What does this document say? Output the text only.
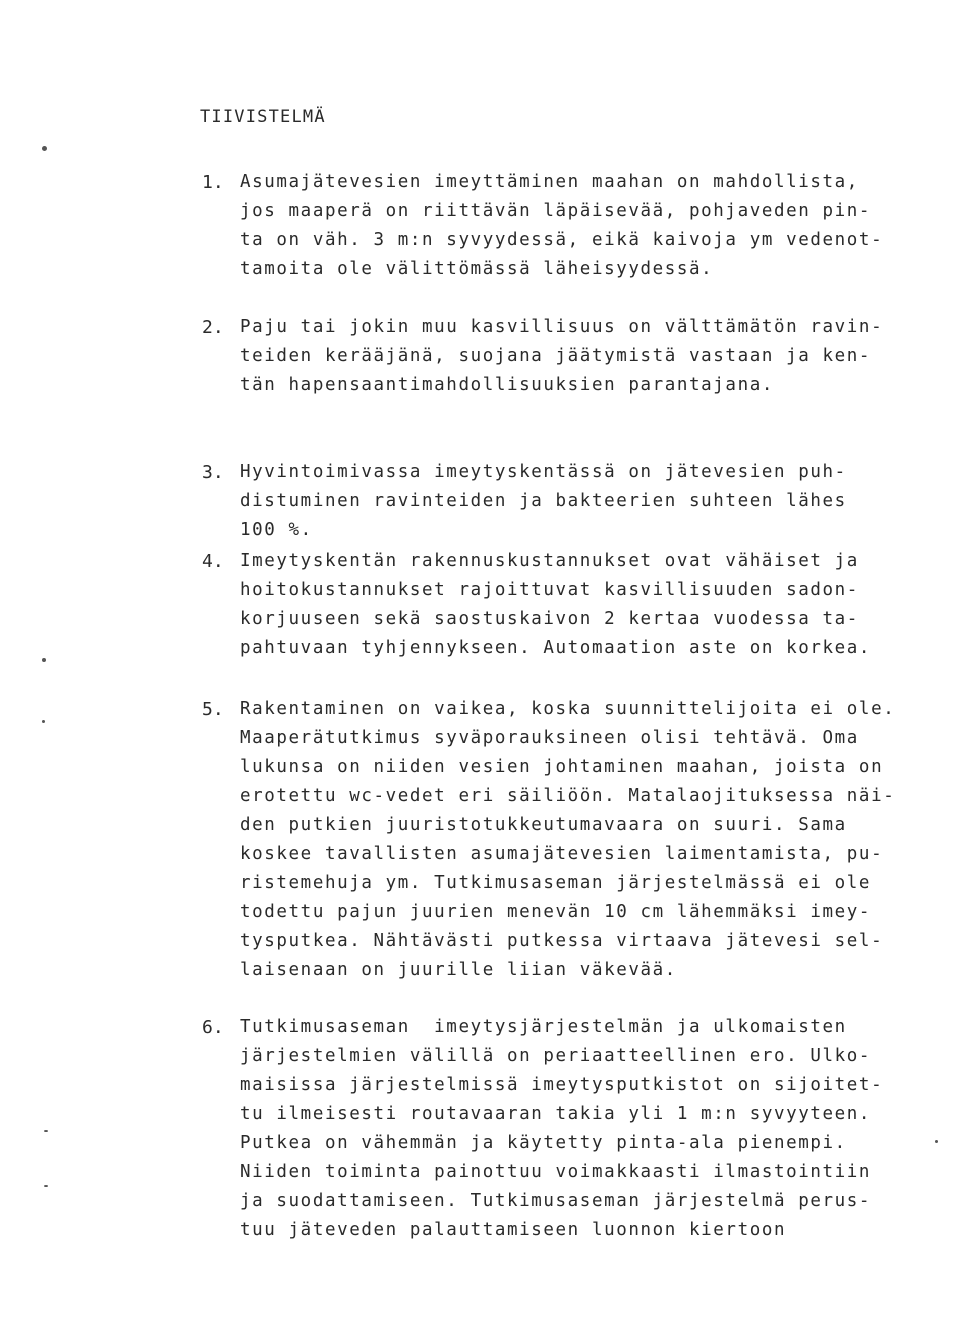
TIIVISTELMÄ
1. Asumajätevesien imeyttäminen maahan on mahdollista,
jos maaperä on riittävän läpäisevää, pohjaveden pin-
ta on väh. 3 m:n syvyydessä, eikä kaivoja ym vedenot-
tamoita ole välittömässä läheisyydessä.
2. Paju tai jokin muu kasvillisuus on välttämätön ravin-
teiden kerääjänä, suojana jäätymistä vastaan ja ken-
tän hapensaantimahdollisuuksien parantajana.
3. Hyvintoimivassa imeytyskentässä on jätevesien puh-
distuminen ravinteiden ja bakteerien suhteen lähes
100 %.
4. Imeytyskentän rakennuskustannukset ovat vähäiset ja
hoitokustannukset rajoittuvat kasvillisuuden sadon-
korjuuseen sekä saostuskaivon 2 kertaa vuodessa ta-
pahtuvaan tyhjennykseen. Automaation aste on korkea.
5. Rakentaminen on vaikea, koska suunnittelijoita ei ole.
Maaperätutkimus syväporauksineen olisi tehtävä. Oma
lukunsa on niiden vesien johtaminen maahan, joista on
erotettu wc-vedet eri säiliöön. Matalaojituksessa näi-
den putkien juuristotukkeutumavaara on suuri. Sama
koskee tavallisten asumajätevesien laimentamista, pu-
ristemehuja ym. Tutkimusaseman järjestelmässä ei ole
todettu pajun juurien menevän 10 cm lähemmäksi imey-
tysputkea. Nähtävästi putkessa virtaava jätevesi sel-
laisenaan on juurille liian väkevää.
6. Tutkimusaseman  imeytysjärjestelmän ja ulkomaisten
järjestelmien välillä on periaatteellinen ero. Ulko-
maisissa järjestelmissä imeytysputkistot on sijoitet-
tu ilmeisesti routavaaran takia yli 1 m:n syvyyteen.
Putkea on vähemmän ja käytetty pinta-ala pienempi.
Niiden toiminta painottuu voimakkaasti ilmastointiin
ja suodattamiseen. Tutkimusaseman järjestelmä perus-
tuu jäteveden palauttamiseen luonnon kiertoon
